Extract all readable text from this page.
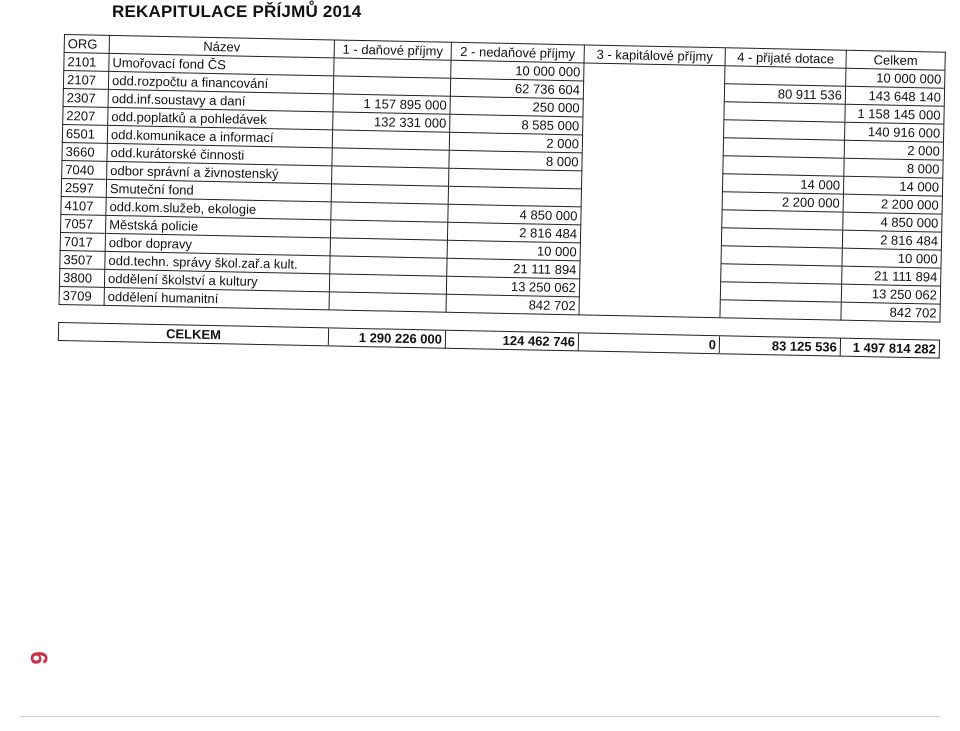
REKAPITULACE PŘÍJMŮ 2014
ORG	Název	1 - daňové příjmy	2 - nedaňové příjmy	3 - kapitálové příjmy	4 - přijaté dotace	Celkem
2101	Umořovací fond ČS		10 000 000			10 000 000
2107	odd.rozpočtu a financování		62 736 604		80 911 536	143 648 140
2307	odd.inf.soustavy a daní	1 157 895 000	250 000			1 158 145 000
2207	odd.poplatků a pohledávek	132 331 000	8 585 000			140 916 000
6501	odd.komunikace a informací		2 000			2 000
3660	odd.kurátorské činnosti		8 000			8 000
7040	odbor správní a živnostenský				14 000	14 000
2597	Smuteční fond				2 200 000	2 200 000
4107	odd.kom.služeb, ekologie		4 850 000			4 850 000
7057	Městská policie		2 816 484			2 816 484
7017	odbor dopravy		10 000			10 000
3507	odd.techn. správy škol.zař.a kult.		21 111 894			21 111 894
3800	oddělení školství a kultury		13 250 062			13 250 062
3709	oddělení humanitní		842 702			842 702

CELKEM		1 290 226 000	124 462 746	0	83 125 536	1 497 814 282
9
